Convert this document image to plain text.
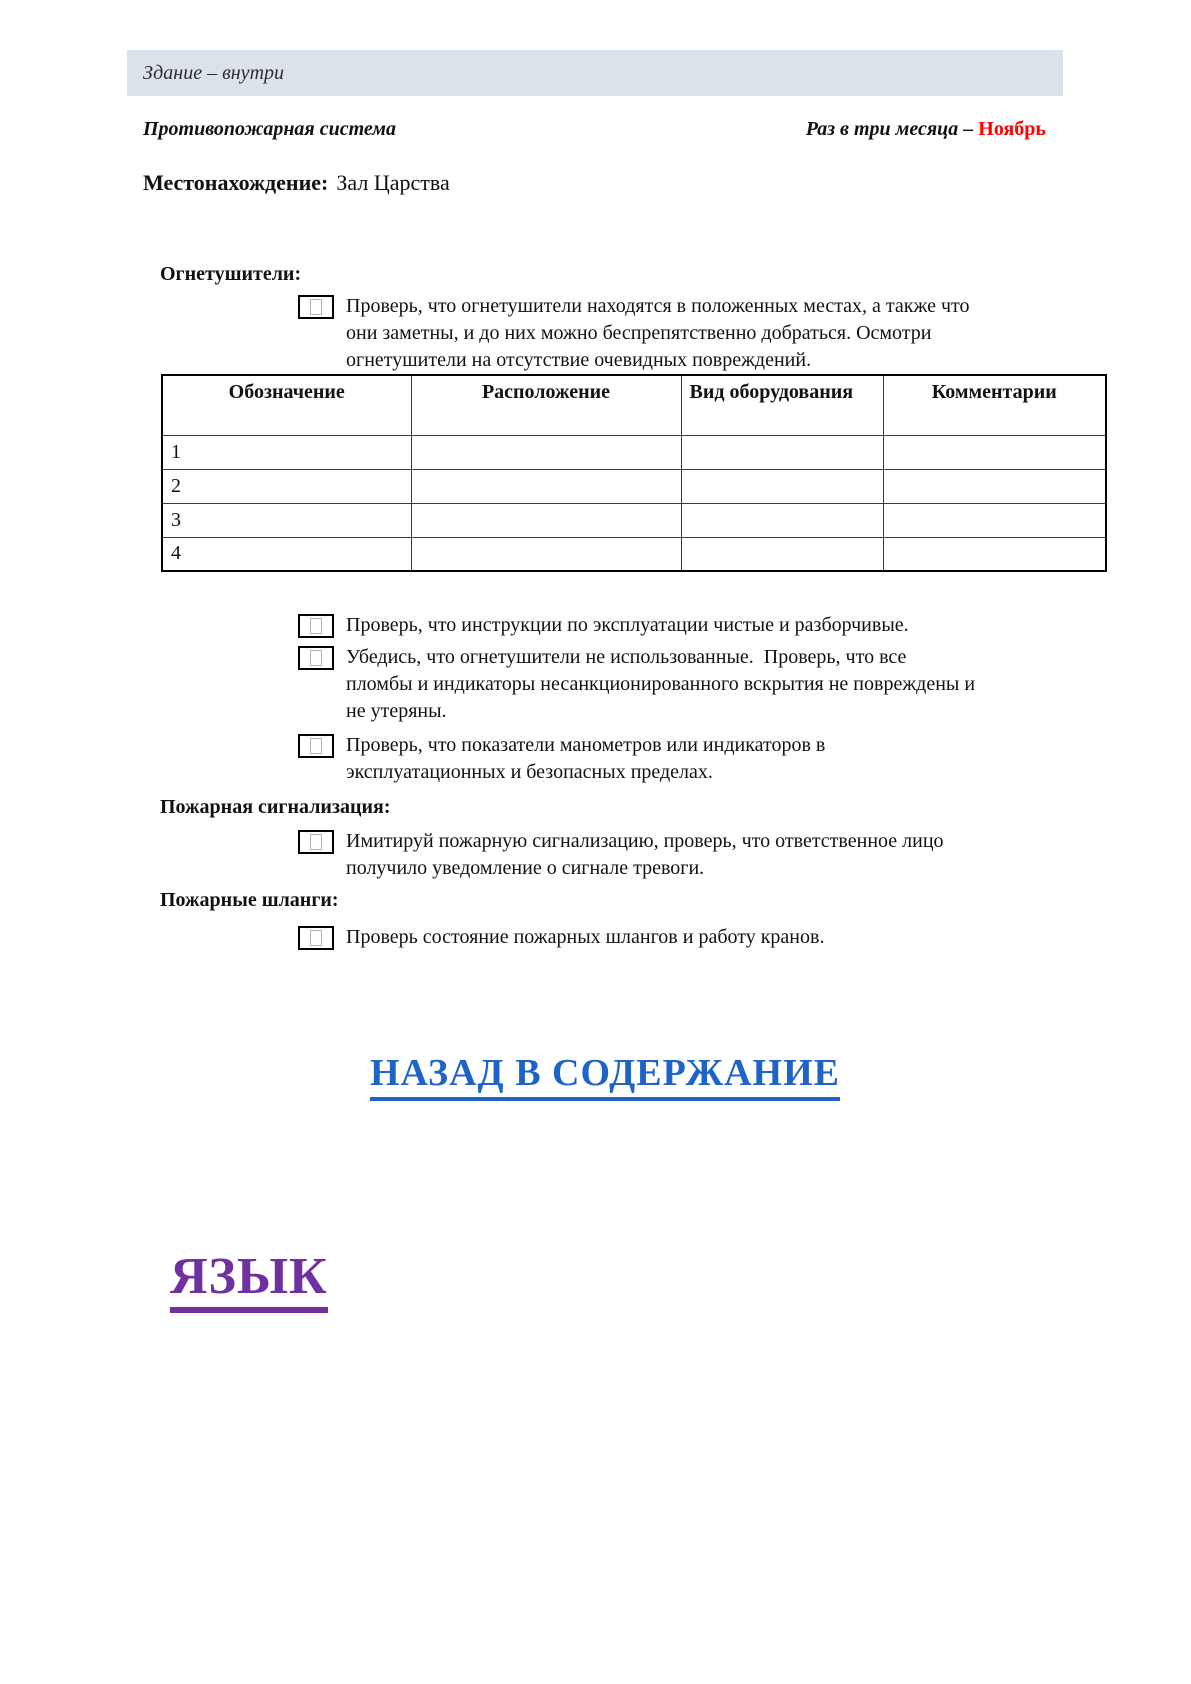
Здание – внутри
Противопожарная система	Раз в три месяца – Ноябрь
Местонахождение: Зал Царства
Огнетушители:
Проверь, что огнетушители находятся в положенных местах, а также что
они заметны, и до них можно беспрепятственно добраться. Осмотри
огнетушители на отсутствие очевидных повреждений.
Обозначение	Расположение	Вид оборудования	Комментарии
1			
2			
3			
4			
Проверь, что инструкции по эксплуатации чистые и разборчивые.
Убедись, что огнетушители не использованные.  Проверь, что все
пломбы и индикаторы несанкционированного вскрытия не повреждены и
не утеряны.
Проверь, что показатели манометров или индикаторов в
эксплуатационных и безопасных пределах.
Пожарная сигнализация:
Имитируй пожарную сигнализацию, проверь, что ответственное лицо
получило уведомление о сигнале тревоги.
Пожарные шланги:
Проверь состояние пожарных шлангов и работу кранов.
НАЗАД В СОДЕРЖАНИЕ
ЯЗЫК
